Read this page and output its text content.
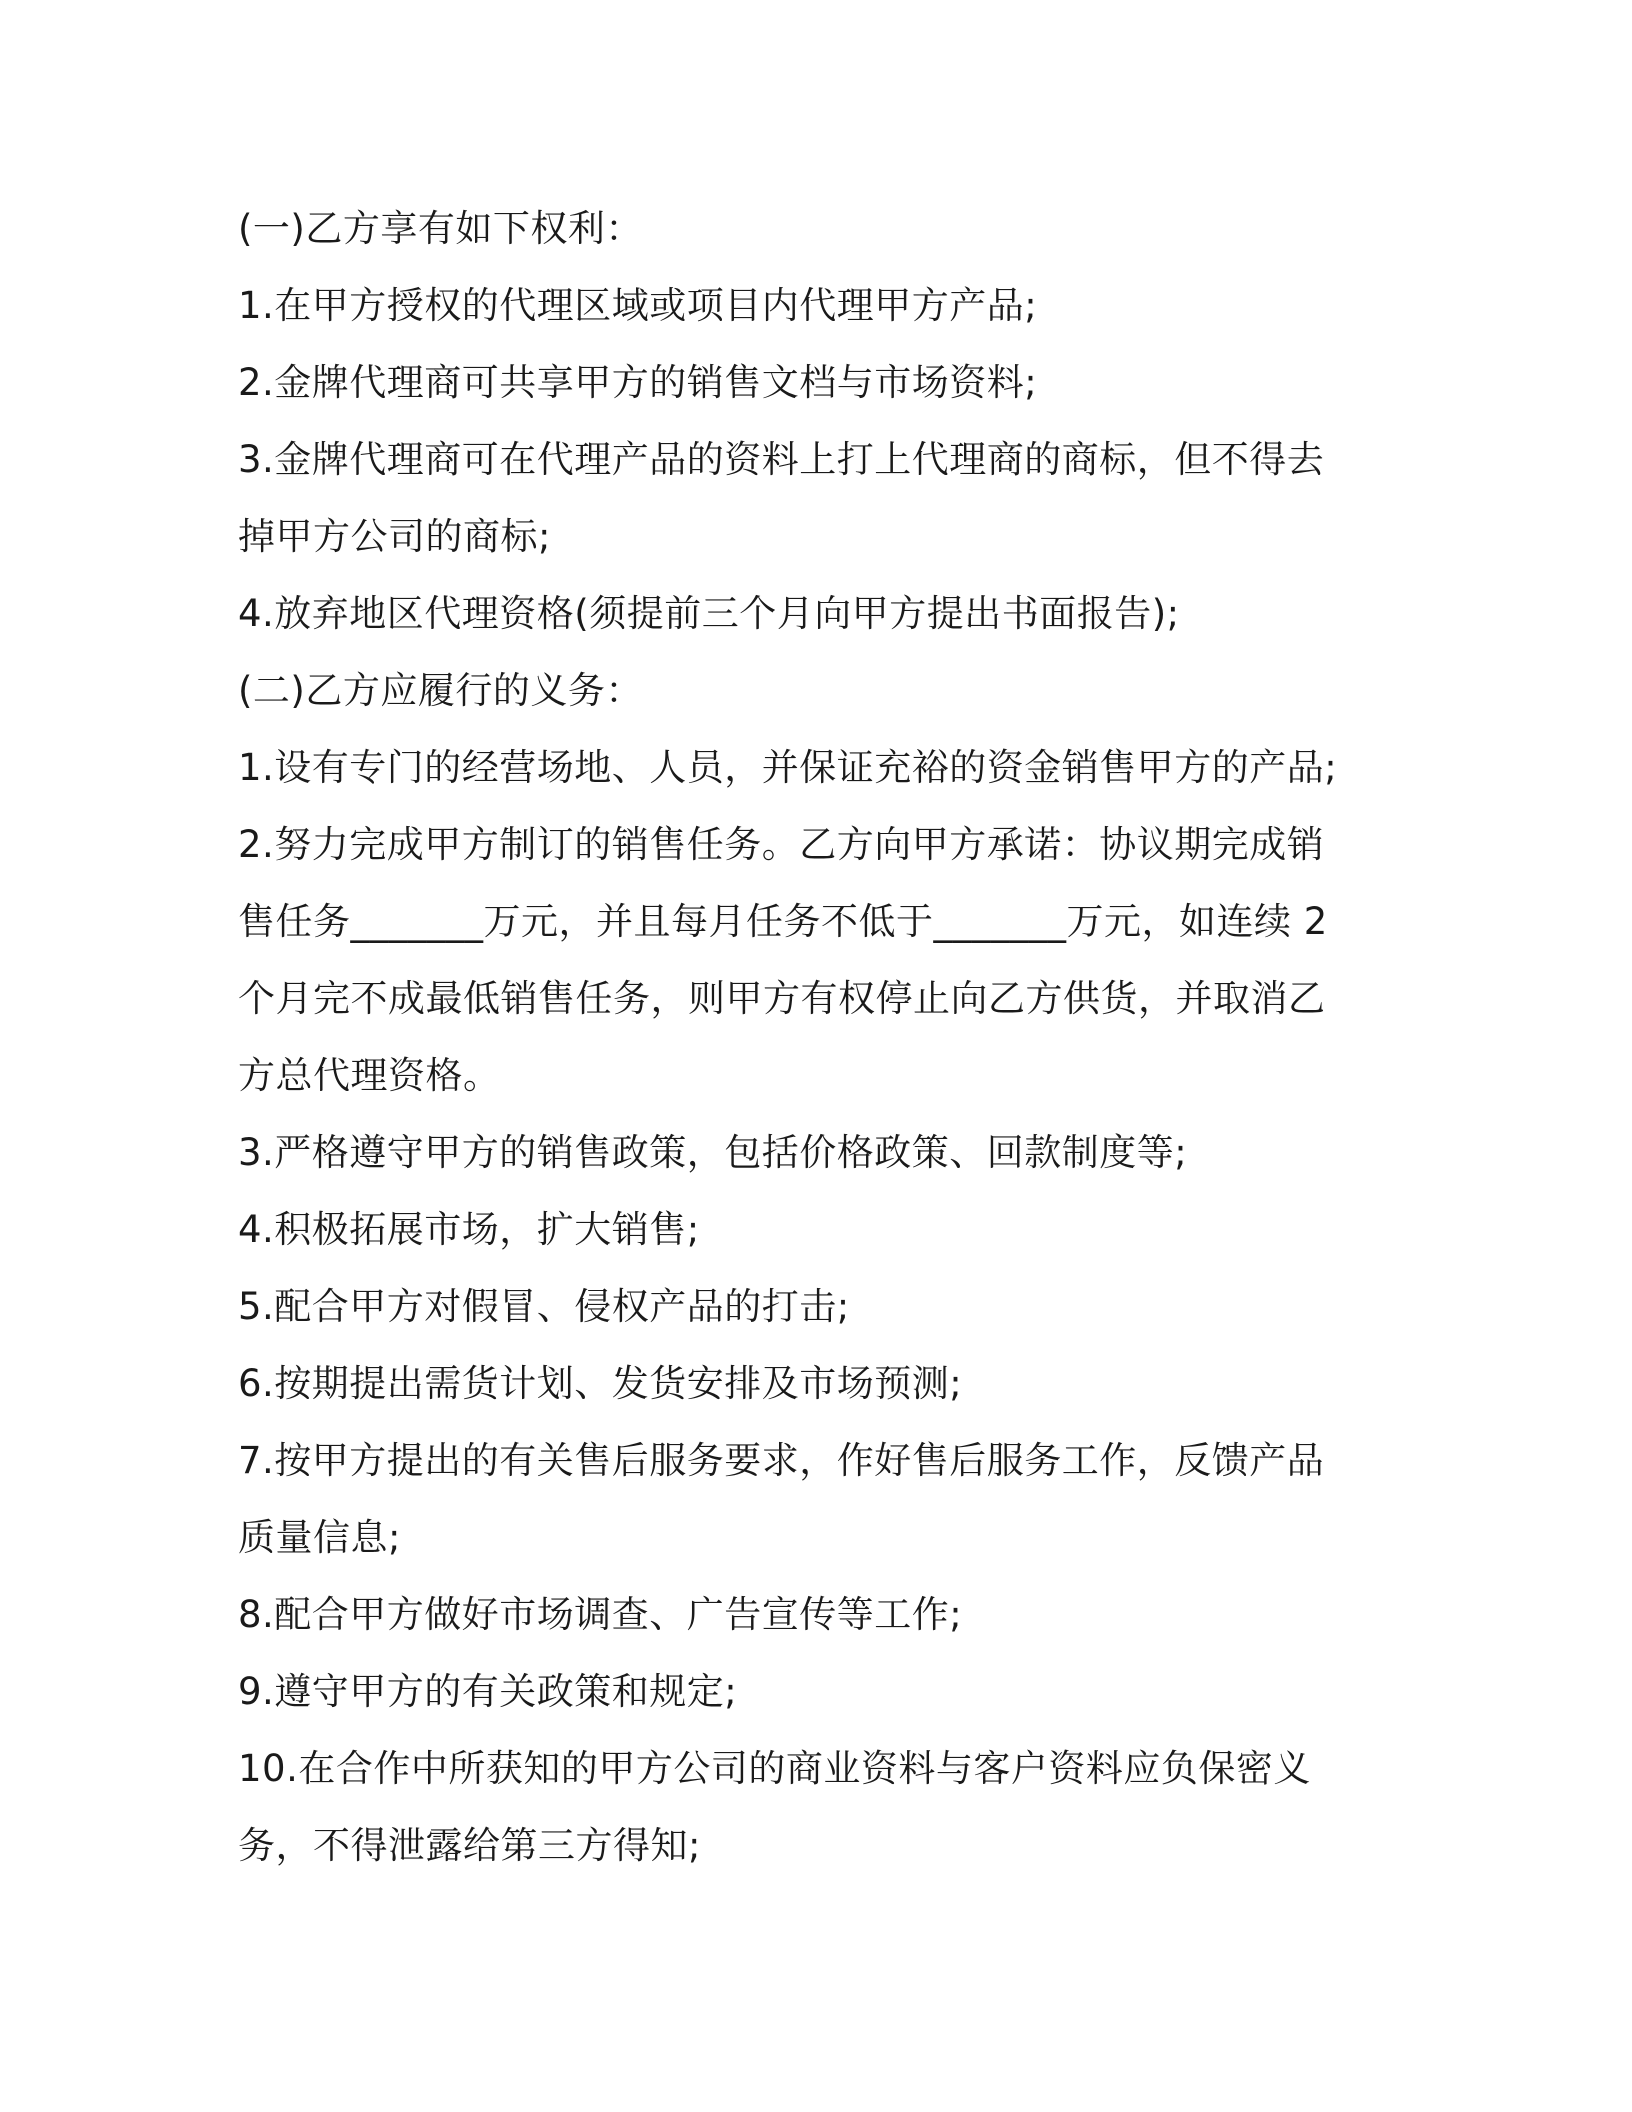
(一)乙方享有如下权利：

1.在甲方授权的代理区域或项目内代理甲方产品;

2.金牌代理商可共享甲方的销售文档与市场资料;

3.金牌代理商可在代理产品的资料上打上代理商的商标，但不得去掉甲方公司的商标;

4.放弃地区代理资格(须提前三个月向甲方提出书面报告);

(二)乙方应履行的义务：

1.设有专门的经营场地、人员，并保证充裕的资金销售甲方的产品;

2.努力完成甲方制订的销售任务。乙方向甲方承诺：协议期完成销售任务_______万元，并且每月任务不低于_______万元，如连续 2 个月完不成最低销售任务，则甲方有权停止向乙方供货，并取消乙方总代理资格。

3.严格遵守甲方的销售政策，包括价格政策、回款制度等;

4.积极拓展市场，扩大销售;

5.配合甲方对假冒、侵权产品的打击;

6.按期提出需货计划、发货安排及市场预测;

7.按甲方提出的有关售后服务要求，作好售后服务工作，反馈产品质量信息;

8.配合甲方做好市场调查、广告宣传等工作;

9.遵守甲方的有关政策和规定;

10.在合作中所获知的甲方公司的商业资料与客户资料应负保密义务，不得泄露给第三方得知;
